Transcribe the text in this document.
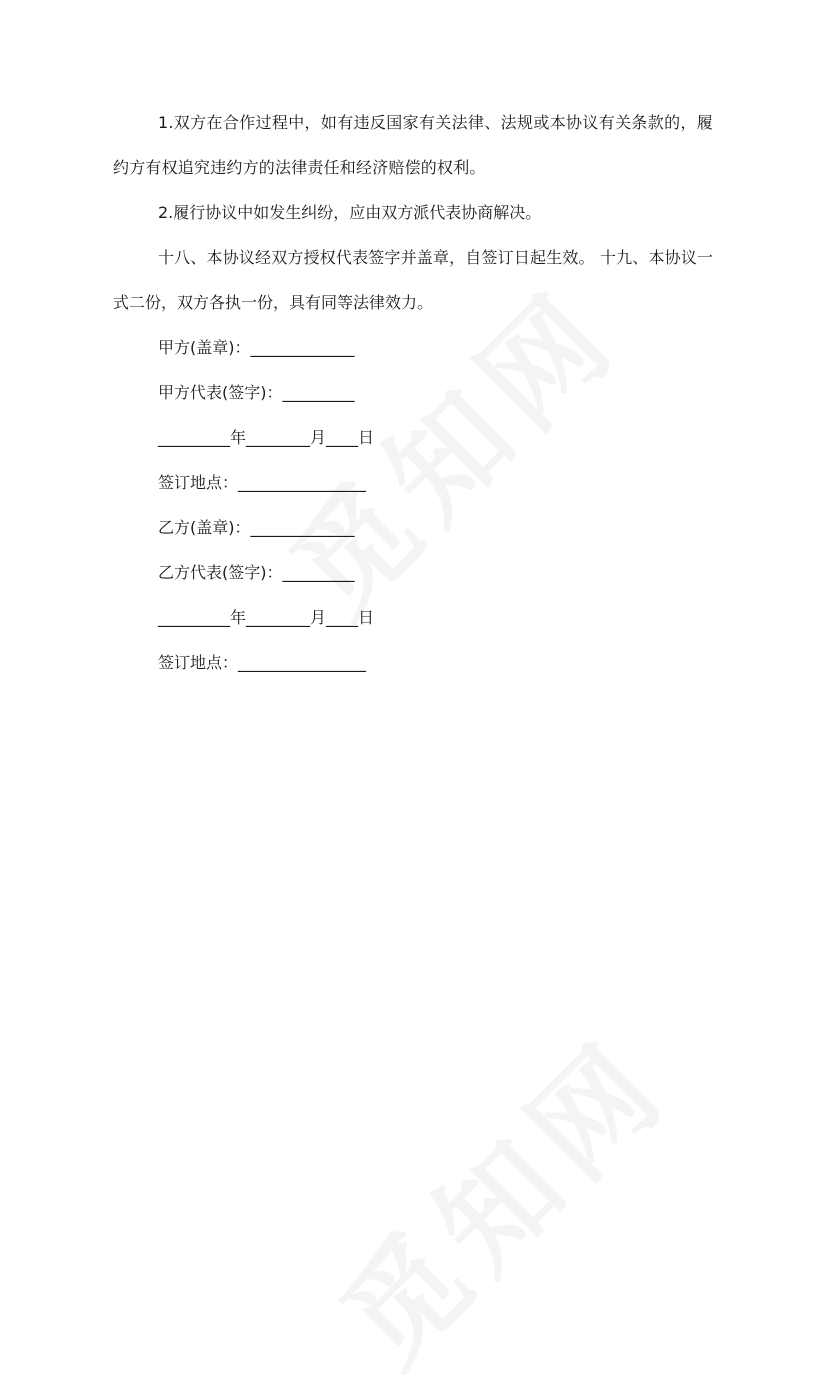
1.双方在合作过程中，如有违反国家有关法律、法规或本协议有关条款的，履约方有权追究违约方的法律责任和经济赔偿的权利。

2.履行协议中如发生纠纷，应由双方派代表协商解决。

十八、本协议经双方授权代表签字并盖章，自签订日起生效。 十九、本协议一式二份，双方各执一份，具有同等法律效力。

甲方(盖章)：_____________

甲方代表(签字)：_________

_________年________月____日

签订地点：________________

乙方(盖章)：_____________

乙方代表(签字)：_________

_________年________月____日

签订地点：________________
